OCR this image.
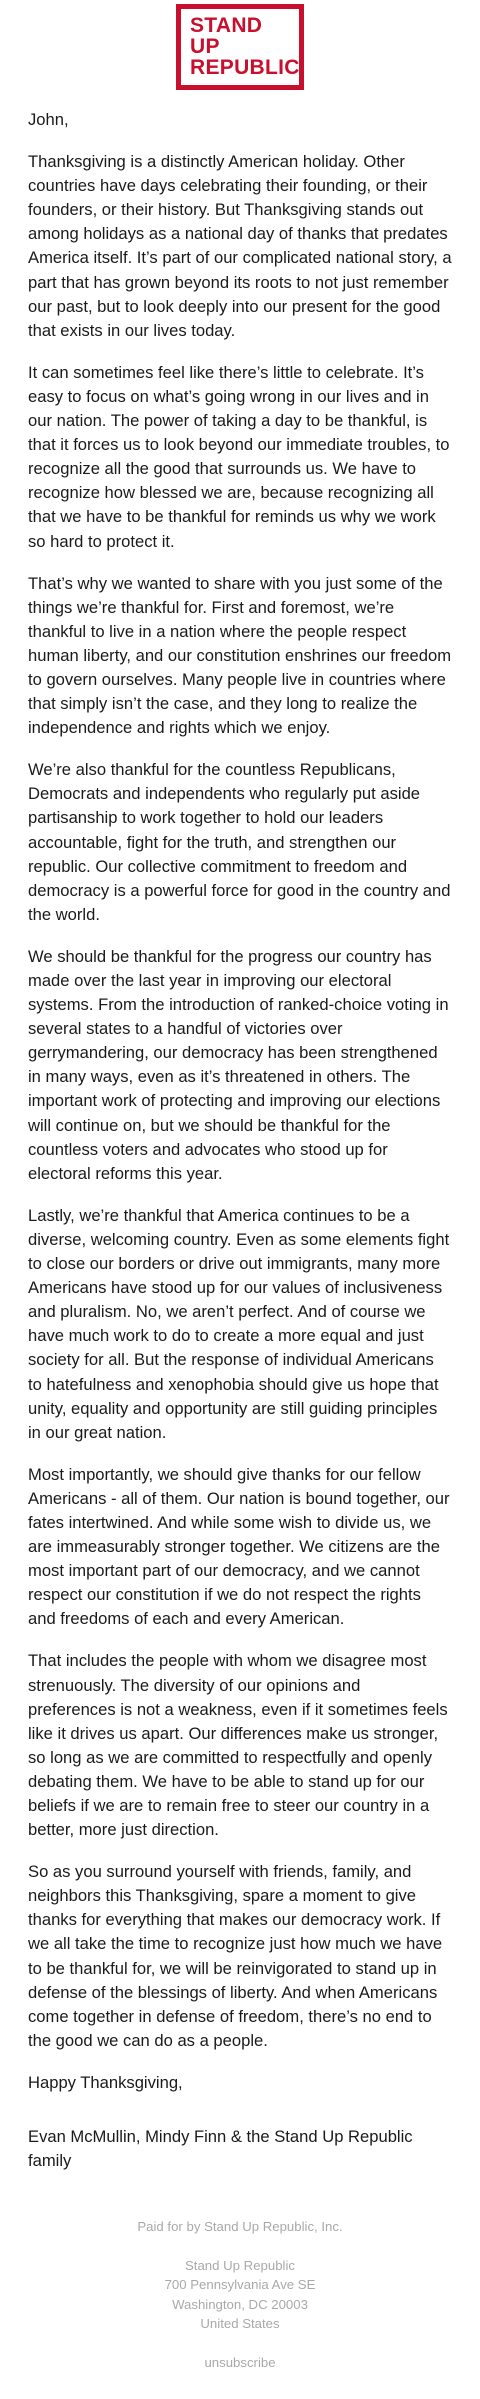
STAND
UP
REPUBLIC
John,

Thanksgiving is a distinctly American holiday. Other countries have days celebrating their founding, or their founders, or their history. But Thanksgiving stands out among holidays as a national day of thanks that predates America itself. It’s part of our complicated national story, a part that has grown beyond its roots to not just remember our past, but to look deeply into our present for the good that exists in our lives today.

It can sometimes feel like there’s little to celebrate. It’s easy to focus on what’s going wrong in our lives and in our nation. The power of taking a day to be thankful, is that it forces us to look beyond our immediate troubles, to recognize all the good that surrounds us. We have to recognize how blessed we are, because recognizing all that we have to be thankful for reminds us why we work so hard to protect it.

That’s why we wanted to share with you just some of the things we’re thankful for. First and foremost, we’re thankful to live in a nation where the people respect human liberty, and our constitution enshrines our freedom to govern ourselves. Many people live in countries where that simply isn’t the case, and they long to realize the independence and rights which we enjoy.

We’re also thankful for the countless Republicans, Democrats and independents who regularly put aside partisanship to work together to hold our leaders accountable, fight for the truth, and strengthen our republic. Our collective commitment to freedom and democracy is a powerful force for good in the country and the world.

We should be thankful for the progress our country has made over the last year in improving our electoral systems. From the introduction of ranked-choice voting in several states to a handful of victories over gerrymandering, our democracy has been strengthened in many ways, even as it’s threatened in others. The important work of protecting and improving our elections will continue on, but we should be thankful for the countless voters and advocates who stood up for electoral reforms this year.

Lastly, we’re thankful that America continues to be a diverse, welcoming country. Even as some elements fight to close our borders or drive out immigrants, many more Americans have stood up for our values of inclusiveness and pluralism. No, we aren’t perfect. And of course we have much work to do to create a more equal and just society for all. But the response of individual Americans to hatefulness and xenophobia should give us hope that unity, equality and opportunity are still guiding principles in our great nation.

Most importantly, we should give thanks for our fellow Americans - all of them. Our nation is bound together, our fates intertwined. And while some wish to divide us, we are immeasurably stronger together. We citizens are the most important part of our democracy, and we cannot respect our constitution if we do not respect the rights and freedoms of each and every American.

That includes the people with whom we disagree most strenuously. The diversity of our opinions and preferences is not a weakness, even if it sometimes feels like it drives us apart. Our differences make us stronger, so long as we are committed to respectfully and openly debating them. We have to be able to stand up for our beliefs if we are to remain free to steer our country in a better, more just direction.

So as you surround yourself with friends, family, and neighbors this Thanksgiving, spare a moment to give thanks for everything that makes our democracy work. If we all take the time to recognize just how much we have to be thankful for, we will be reinvigorated to stand up in defense of the blessings of liberty. And when Americans come together in defense of freedom, there’s no end to the good we can do as a people.

Happy Thanksgiving,
Evan McMullin, Mindy Finn & the Stand Up Republic family
Paid for by Stand Up Republic, Inc.
Stand Up Republic
700 Pennsylvania Ave SE
Washington, DC 20003
United States
unsubscribe
